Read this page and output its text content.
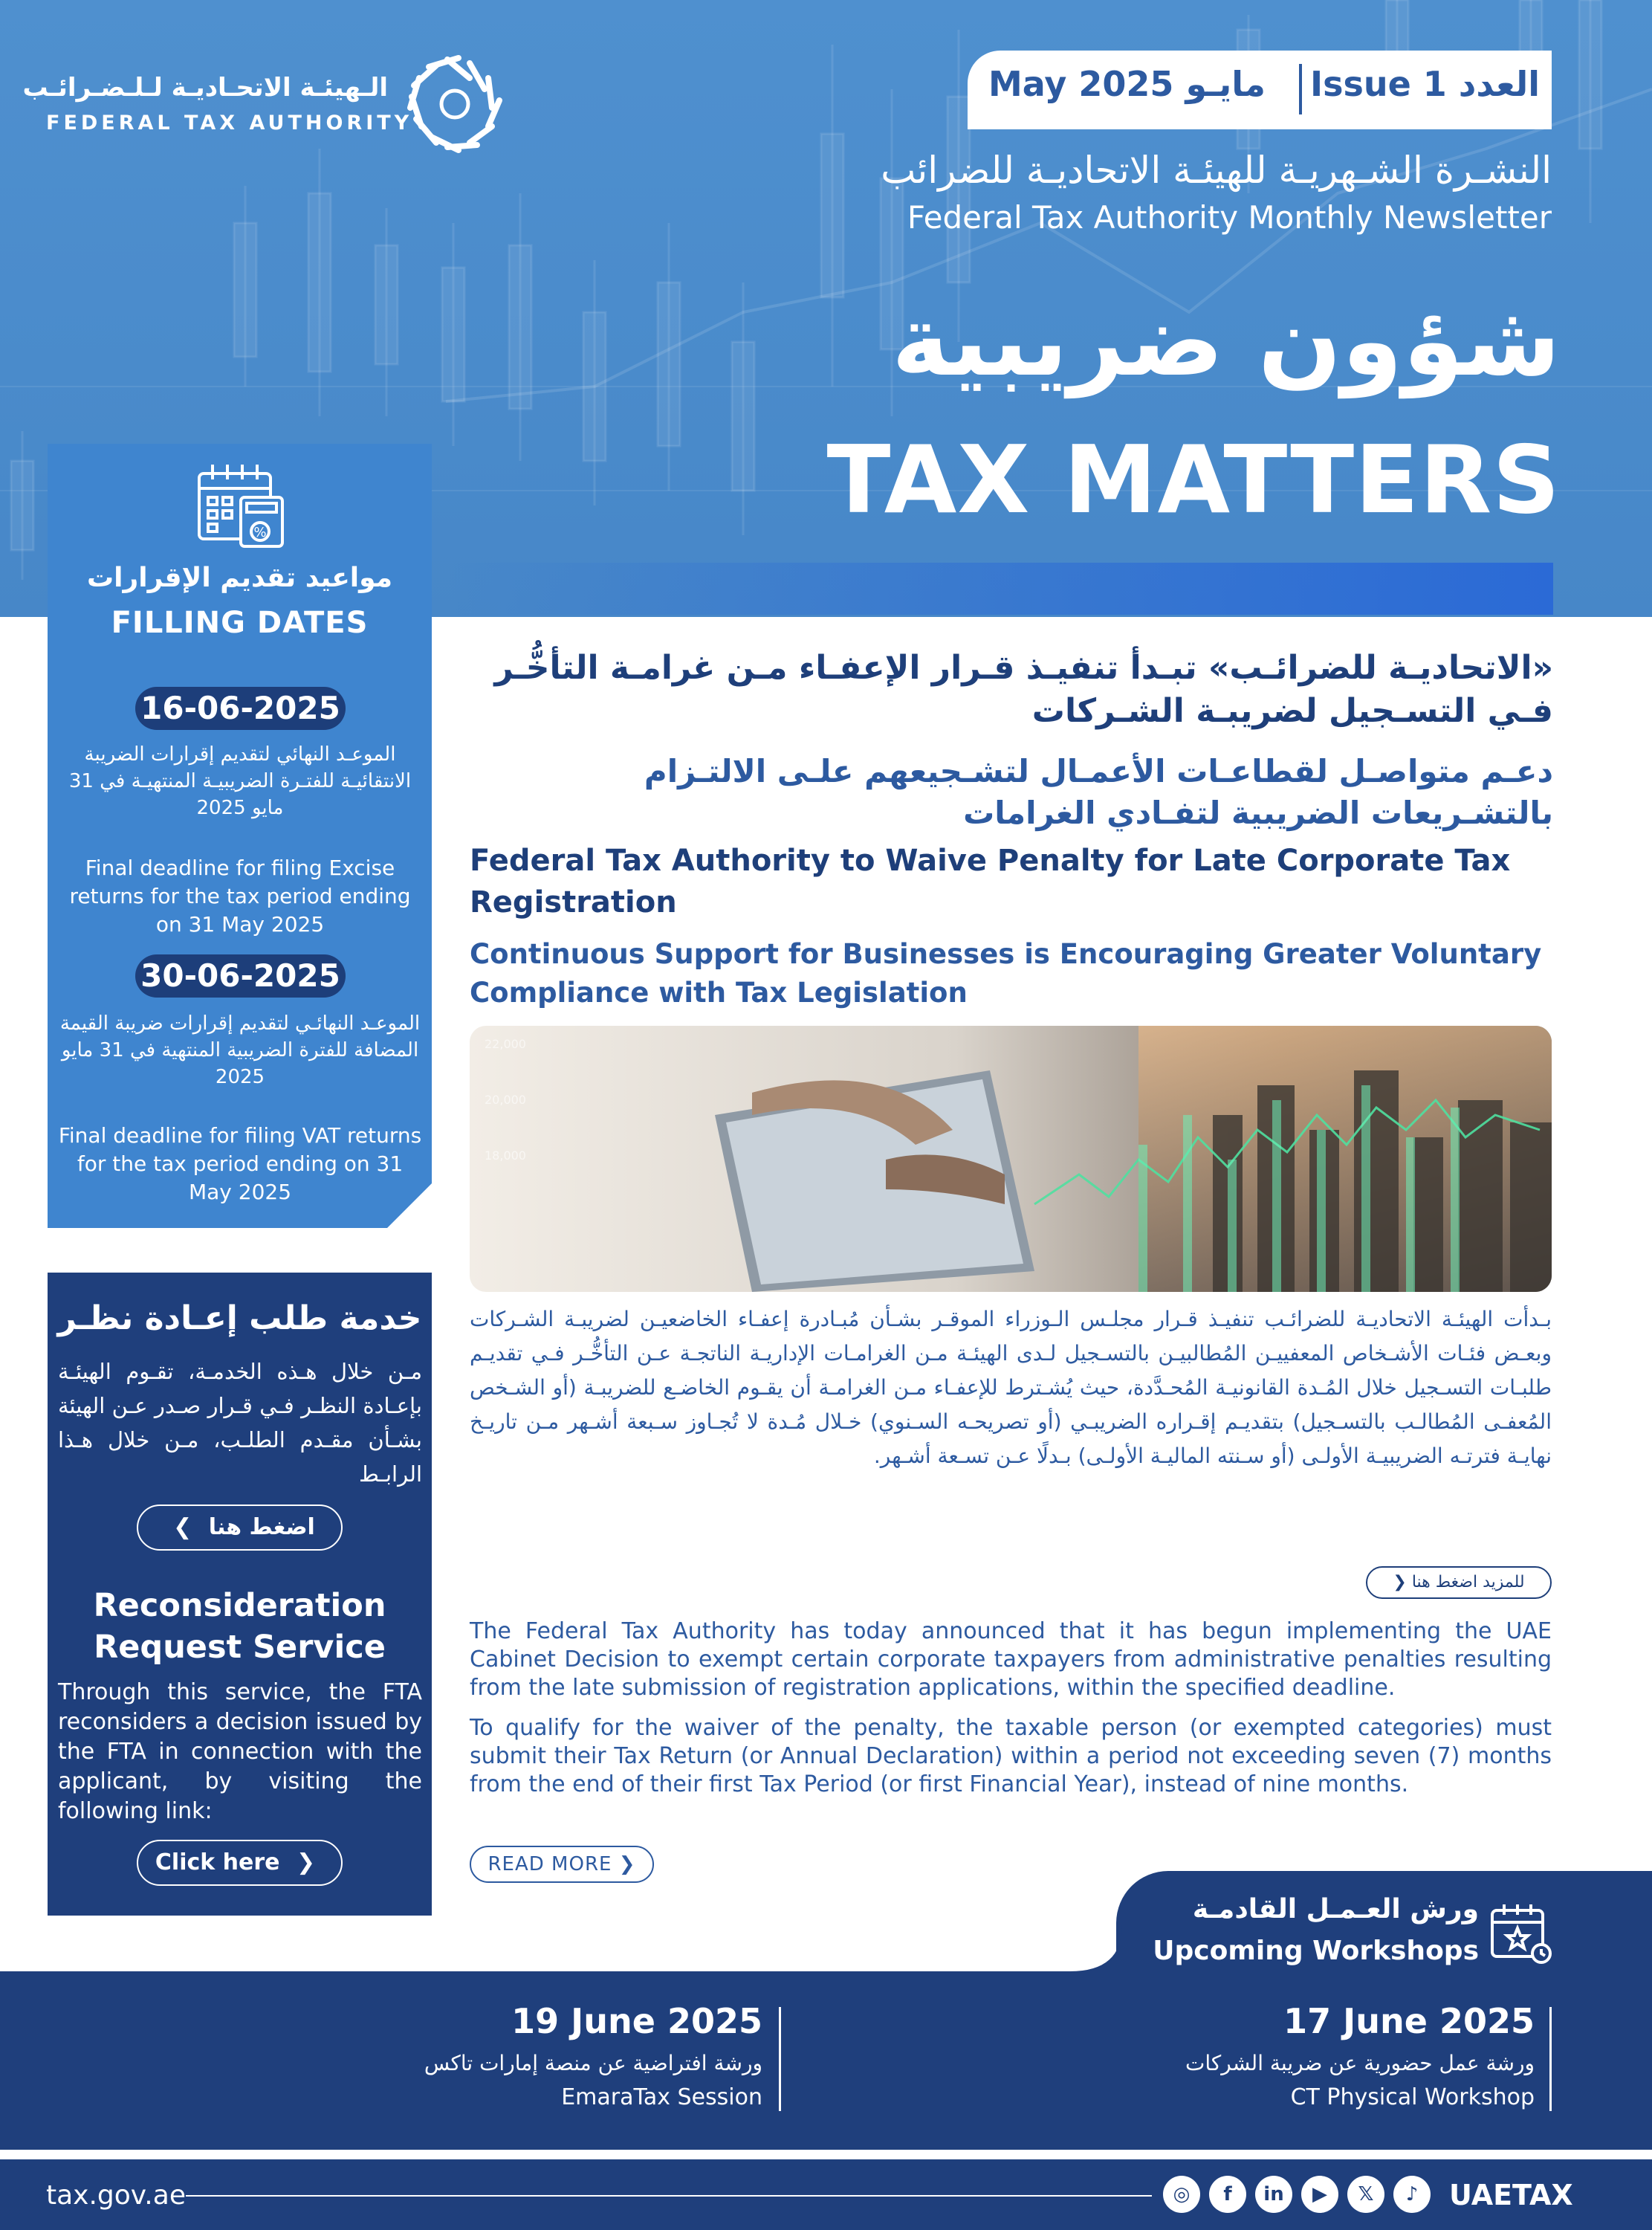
الـهيئـة الاتحـاديـة لـلـضـرائـب
FEDERAL TAX AUTHORITY
العدد Issue 1
May 2025 مايـو
النشـرة الشـهريـة للهيئـة الاتحاديـة للضرائب
Federal Tax Authority Monthly Newsletter
شؤون ضريبية
TAX MATTERS
%
مواعيد تقديم الإقرارات
FILLING DATES
16-06-2025
الموعـد النهائي لتقديم إقرارات الضريبة الانتقائيـة للفتـرة الضريبيـة المنتهيـة في 31 مايو 2025
Final deadline for filing Excise returns for the tax period ending on 31 May 2025
30-06-2025
الموعـد النهائـي لتقديم إقرارات ضريبة القيمة المضافة للفترة الضريبية المنتهية في 31 مايو 2025
Final deadline for filing VAT returns for the tax period ending on 31 May 2025
خدمة طلب إعـادة نظـر
مـن خلال هـذه الخدمـة، تقـوم الهيئـة بإعـادة النظـر فـي قـرار صـدر عـن الهيئة بشـأن مقـدم الطلـب، مـن خلال هـذا الرابـط
❮ اضغط هنا
Reconsideration Request Service
Through this service, the FTA reconsiders a decision issued by the FTA in connection with the applicant, by visiting the following link:
Click here ❯
«الاتحاديـة للضرائـب» تبـدأ تنفيـذ قـرار الإعفـاء مـن غرامـة التأخُّـر فـي التسـجيل لضريبـة الشـركات
دعـم متواصـل لقطاعـات الأعمـال لتشـجيعهم علـى الالتـزام بالتشـريعات الضريبية لتفـادي الغرامات
Federal Tax Authority to Waive Penalty for Late Corporate Tax Registration
Continuous Support for Businesses is Encouraging Greater Voluntary Compliance with Tax Legislation
22,000
20,000
18,000
بـدأت الهيئـة الاتحاديـة للضرائـب تنفيـذ قـرار مجلـس الـوزراء الموقـر بشـأن مُبـادرة إعفـاء الخاضعيـن لضريبـة الشـركات وبعـض فئـات الأشـخاص المعفييـن المُطالبيـن بالتسـجيل لـدى الهيئـة مـن الغرامـات الإداريـة الناتجـة عـن التأخُّـر فـي تقديـم طلبـات التسـجيل خلال المُـدة القانونيـة المُحـدَّدة، حيث يُشـترط للإعفـاء مـن الغرامـة أن يقـوم الخاضـع للضريبـة (أو الشـخص المُعفـى المُطالـب بالتسـجيل) بتقديـم إقـراره الضريبـي (أو تصريحـه السـنوي) خـلال مُـدة لا تُجـاوز سـبعة أشـهر مـن تاريـخ نهايـة فترتـه الضريبيـة الأولـى (أو سـنته الماليـة الأولـى) بـدلًا عـن تسـعة أشـهر.
للمزيد اضغط هنا ❮
The Federal Tax Authority has today announced that it has begun implementing the UAE Cabinet Decision to exempt certain corporate taxpayers from administrative penalties resulting from the late submission of registration applications, within the specified deadline.
To qualify for the waiver of the penalty, the taxable person (or exempted categories) must submit their Tax Return (or Annual Declaration) within a period not exceeding seven (7) months from the end of their first Tax Period (or first Financial Year), instead of nine months.
READ MORE ❯
ورش العـمـل القادمـة
Upcoming Workshops
17 June 2025
ورشة عمل حضورية عن ضريبة الشركات
CT Physical Workshop
19 June 2025
ورشة افتراضية عن منصة إمارات تاكس
EmaraTax Session
tax.gov.ae	◎	f	in	▶	𝕏	♪	UAETAX
